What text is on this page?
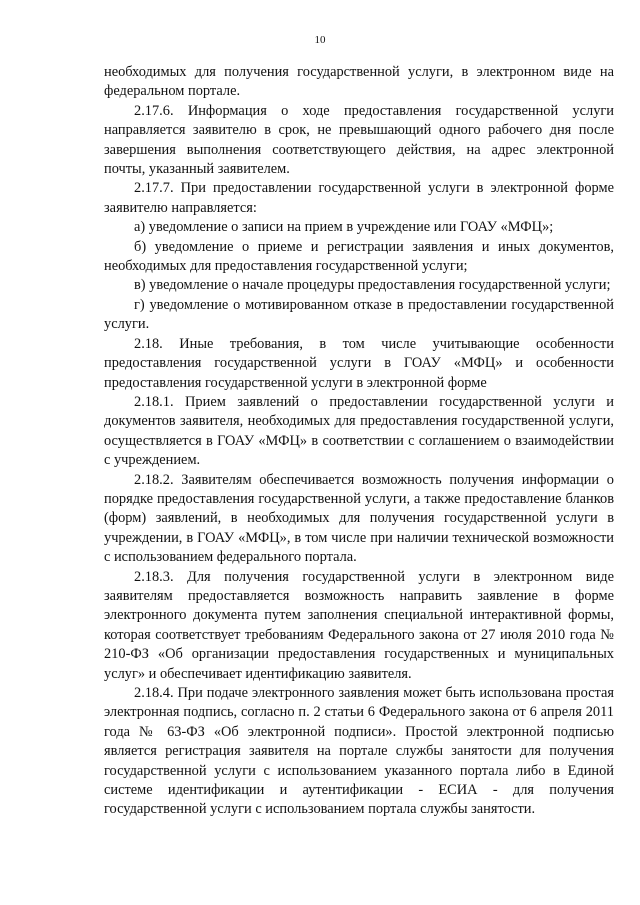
10

необходимых для получения государственной услуги, в электронном виде на федеральном портале.

2.17.6. Информация о ходе предоставления государственной услуги направляется заявителю в срок, не превышающий одного рабочего дня после завершения выполнения соответствующего действия, на адрес электронной почты, указанный заявителем.

2.17.7. При предоставлении государственной услуги в электронной форме заявителю направляется:

а) уведомление о записи на прием в учреждение или ГОАУ «МФЦ»;

б) уведомление о приеме и регистрации заявления и иных документов, необходимых для предоставления государственной услуги;

в) уведомление о начале процедуры предоставления государственной услуги;

г) уведомление о мотивированном отказе в предоставлении государственной услуги.

2.18. Иные требования, в том числе учитывающие особенности предоставления государственной услуги в ГОАУ «МФЦ» и особенности предоставления государственной услуги в электронной форме

2.18.1. Прием заявлений о предоставлении государственной услуги и документов заявителя, необходимых для предоставления государственной услуги, осуществляется в ГОАУ «МФЦ» в соответствии с соглашением о взаимодействии с учреждением.

2.18.2. Заявителям обеспечивается возможность получения информации о порядке предоставления государственной услуги, а также предоставление бланков (форм) заявлений, в необходимых для получения государственной услуги в учреждении, в ГОАУ «МФЦ», в том числе при наличии технической возможности с использованием федерального портала.

2.18.3. Для получения государственной услуги в электронном виде заявителям предоставляется возможность направить заявление в форме электронного документа путем заполнения специальной интерактивной формы, которая соответствует требованиям Федерального закона от 27 июля 2010 года № 210-ФЗ «Об организации предоставления государственных и муниципальных услуг» и обеспечивает идентификацию заявителя.

2.18.4. При подаче электронного заявления может быть использована простая электронная подпись, согласно п. 2 статьи 6 Федерального закона от 6 апреля 2011 года № 63-ФЗ «Об электронной подписи». Простой электронной подписью является регистрация заявителя на портале службы занятости для получения государственной услуги с использованием указанного портала либо в Единой системе идентификации и аутентификации - ЕСИА - для получения государственной услуги с использованием портала службы занятости.
